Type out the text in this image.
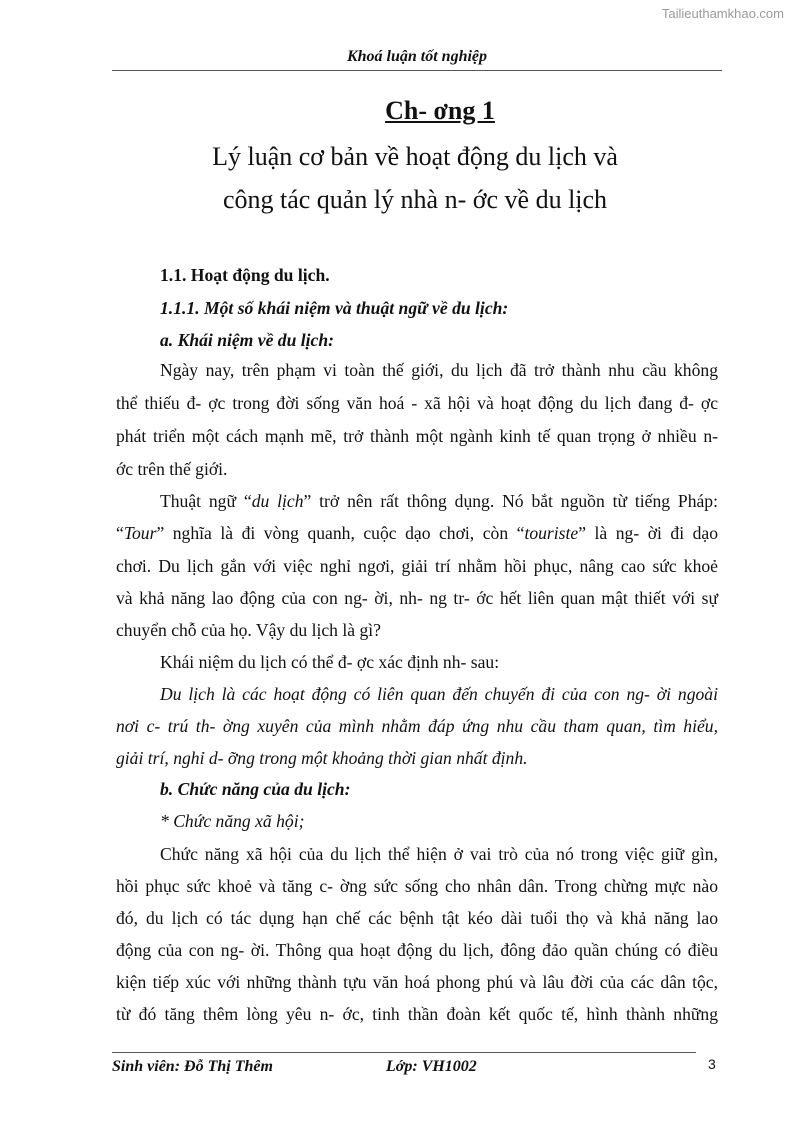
Tailieuthamkhao.com
Khoá luận tốt nghiệp
Ch- ơng 1
Lý luận cơ bản về hoạt động du lịch và
công tác quản lý nhà n- ớc về du lịch
1.1. Hoạt động du lịch.
1.1.1. Một số khái niệm và thuật ngữ về du lịch:
a. Khái niệm về du lịch:
Ngày nay, trên phạm vi toàn thế giới, du lịch đã trở thành nhu cầu không
thể thiếu đ- ợc trong đời sống văn hoá - xã hội và hoạt động du lịch đang đ- ợc
phát triển một cách mạnh mẽ, trở thành một ngành kinh tế quan trọng ở nhiều n-
ớc trên thế giới.
Thuật ngữ “du lịch” trở nên rất thông dụng. Nó bắt nguồn từ tiếng Pháp:
“Tour” nghĩa là đi vòng quanh, cuộc dạo chơi, còn “touriste” là ng- ời đi dạo
chơi. Du lịch gắn với việc nghỉ ngơi, giải trí nhằm hồi phục, nâng cao sức khoẻ
và khả năng lao động của con ng- ời, nh- ng tr- ớc hết liên quan mật thiết với sự
chuyển chỗ của họ. Vậy du lịch là gì?
Khái niệm du lịch có thể đ- ợc xác định nh- sau:
Du lịch là các hoạt động có liên quan đến chuyến đi của con ng- ời ngoài
nơi c- trú th- ờng xuyên của mình nhằm đáp ứng nhu cầu tham quan, tìm hiểu,
giải trí, nghỉ d- ỡng trong một khoảng thời gian nhất định.
b. Chức năng của du lịch:
* Chức năng xã hội;
Chức năng xã hội của du lịch thể hiện ở vai trò của nó trong việc giữ gìn,
hồi phục sức khoẻ và tăng c- ờng sức sống cho nhân dân. Trong chừng mực nào
đó, du lịch có tác dụng hạn chế các bệnh tật kéo dài tuổi thọ và khả năng lao
động của con ng- ời. Thông qua hoạt động du lịch, đông đảo quần chúng có điều
kiện tiếp xúc với những thành tựu văn hoá phong phú và lâu đời của các dân tộc,
từ đó tăng thêm lòng yêu n- ớc, tinh thần đoàn kết quốc tế, hình thành những
Sinh viên: Đỗ Thị Thêm	Lớp: VH1002	3
